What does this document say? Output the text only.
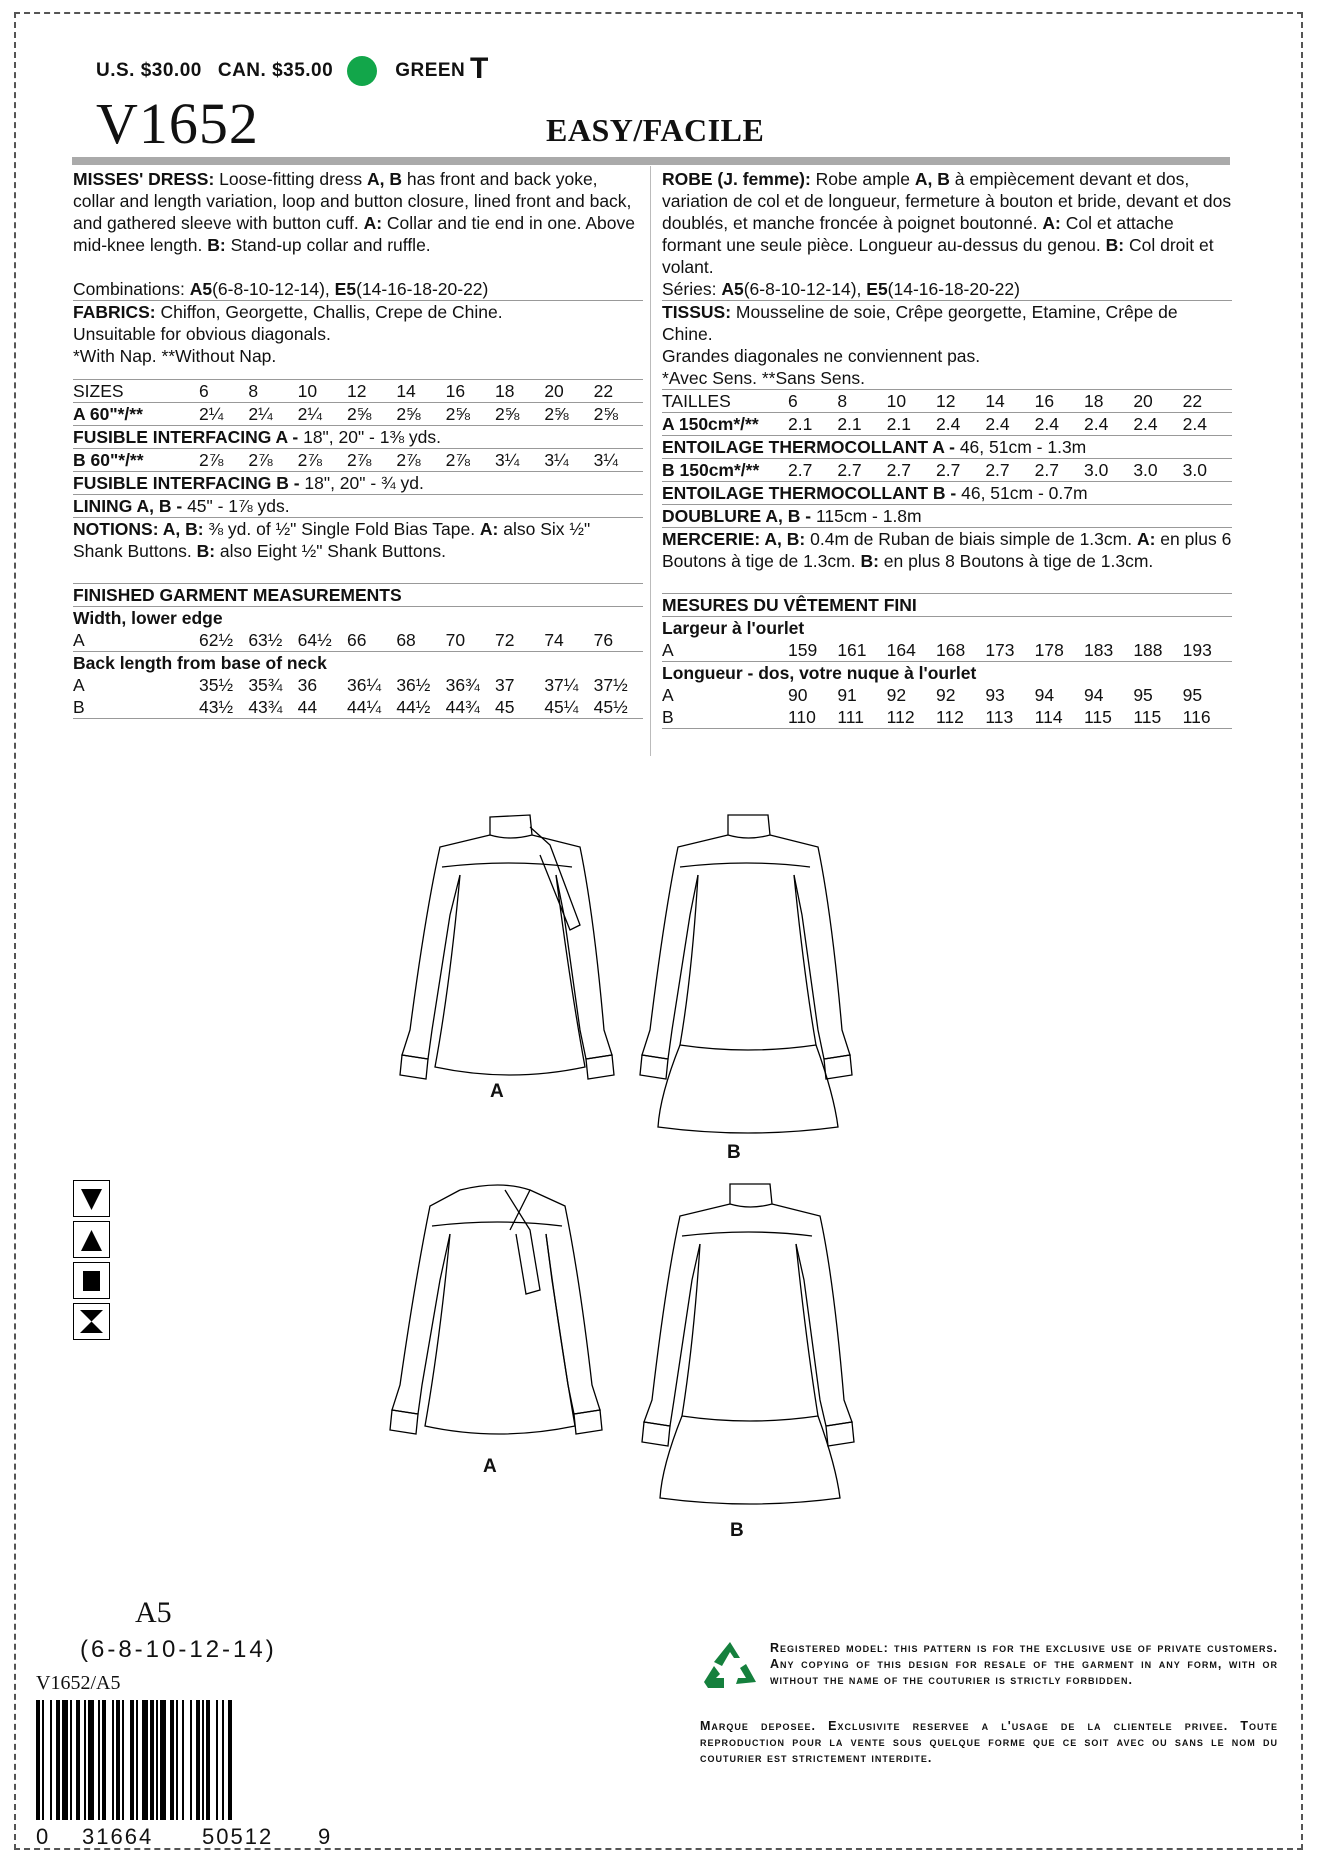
U.S. $30.00 CAN. $35.00	GREEN T
V1652	EASY/FACILE

MISSES' DRESS: Loose-fitting dress A, B has front and back yoke, collar and length variation, loop and button closure, lined front and back, and gathered sleeve with button cuff. A: Collar and tie end in one. Above mid-knee length. B: Stand-up collar and ruffle.

Combinations: A5(6-8-10-12-14), E5(14-16-18-20-22)

FABRICS: Chiffon, Georgette, Challis, Crepe de Chine.

Unsuitable for obvious diagonals.

*With Nap. **Without Nap.

SIZES	6	8	10	12	14	16	18	20	22
A 60"*/**	2¼	2¼	2¼	2⅝	2⅝	2⅝	2⅝	2⅝	2⅝

FUSIBLE INTERFACING A - 18", 20" - 1⅜ yds.

B 60"*/**	2⅞	2⅞	2⅞	2⅞	2⅞	2⅞	3¼	3¼	3¼

FUSIBLE INTERFACING B - 18", 20" - ¾ yd.

LINING A, B - 45" - 1⅞ yds.

NOTIONS: A, B: ⅜ yd. of ½" Single Fold Bias Tape. A: also Six ½" Shank Buttons. B: also Eight ½" Shank Buttons.

FINISHED GARMENT MEASUREMENTS

Width, lower edge

A	62½ 63½ 64½ 66	68	70	72	74	76

Back length from base of neck

A	35½ 35¾ 36	36¼ 36½ 36¾ 37	37¼ 37½
B	43½ 43¾ 44	44¼ 44½ 44¾ 45	45¼ 45½

ROBE (J. femme): Robe ample A, B à empiècement devant et dos, variation de col et de longueur, fermeture à bouton et bride, devant et dos doublés, et manche froncée à poignet boutonné. A: Col et attache formant une seule pièce. Longueur au-dessus du genou. B: Col droit et volant.

Séries: A5(6-8-10-12-14), E5(14-16-18-20-22)

TISSUS: Mousseline de soie, Crêpe georgette, Etamine, Crêpe de Chine.

Grandes diagonales ne conviennent pas.

*Avec Sens. **Sans Sens.

TAILLES	6	8	10	12	14	16	18	20	22
A 150cm*/**	2.1	2.1	2.1	2.4	2.4	2.4	2.4	2.4	2.4

ENTOILAGE THERMOCOLLANT A - 46, 51cm - 1.3m

B 150cm*/**	2.7	2.7	2.7	2.7	2.7	2.7	3.0	3.0	3.0

ENTOILAGE THERMOCOLLANT B - 46, 51cm - 0.7m

DOUBLURE A, B - 115cm - 1.8m

MERCERIE: A, B: 0.4m de Ruban de biais simple de 1.3cm. A: en plus 6 Boutons à tige de 1.3cm. B: en plus 8 Boutons à tige de 1.3cm.

MESURES DU VÊTEMENT FINI

Largeur à l'ourlet

A	159	161	164	168	173	178	183	188	193

Longueur - dos, votre nuque à l'ourlet

A	90	91	92	92	93	94	94	95	95
B	110	111	112	112	113	114	115	115	116
A
B
A
B
A5
(6-8-10-12-14)
V1652/A5
0 31664 50512 9
Registered model: this pattern is for the exclusive use of private customers. Any copying of this design for resale of the garment in any form, with or without the name of the couturier is strictly forbidden.
Marque deposee. Exclusivite reservee a l'usage de la clientele privee. Toute reproduction pour la vente sous quelque forme que ce soit avec ou sans le nom du couturier est strictement interdite.
